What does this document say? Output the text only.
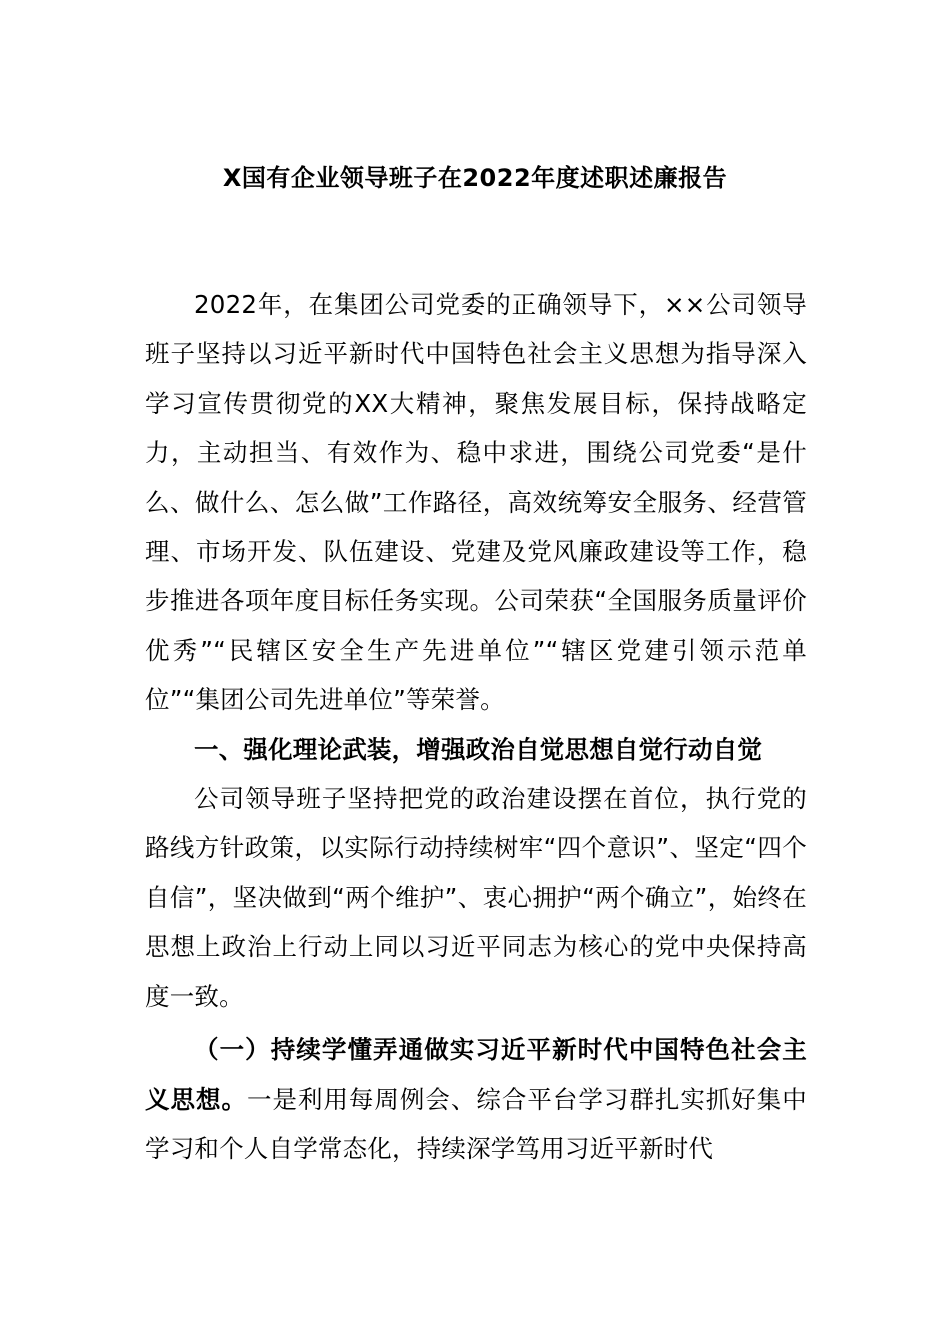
X国有企业领导班子在2022年度述职述廉报告

2022年，在集团公司党委的正确领导下，××公司领导班子坚持以习近平新时代中国特色社会主义思想为指导深入学习宣传贯彻党的XX大精神，聚焦发展目标，保持战略定力，主动担当、有效作为、稳中求进，围绕公司党委“是什么、做什么、怎么做”工作路径，高效统筹安全服务、经营管理、市场开发、队伍建设、党建及党风廉政建设等工作，稳步推进各项年度目标任务实现。公司荣获“全国服务质量评价优秀”“民辖区安全生产先进单位”“辖区党建引领示范单位”“集团公司先进单位”等荣誉。

一、强化理论武装，增强政治自觉思想自觉行动自觉

公司领导班子坚持把党的政治建设摆在首位，执行党的路线方针政策，以实际行动持续树牢“四个意识”、坚定“四个自信”，坚决做到“两个维护”、衷心拥护“两个确立”，始终在思想上政治上行动上同以习近平同志为核心的党中央保持高度一致。

（一）持续学懂弄通做实习近平新时代中国特色社会主义思想。一是利用每周例会、综合平台学习群扎实抓好集中学习和个人自学常态化，持续深学笃用习近平新时代
